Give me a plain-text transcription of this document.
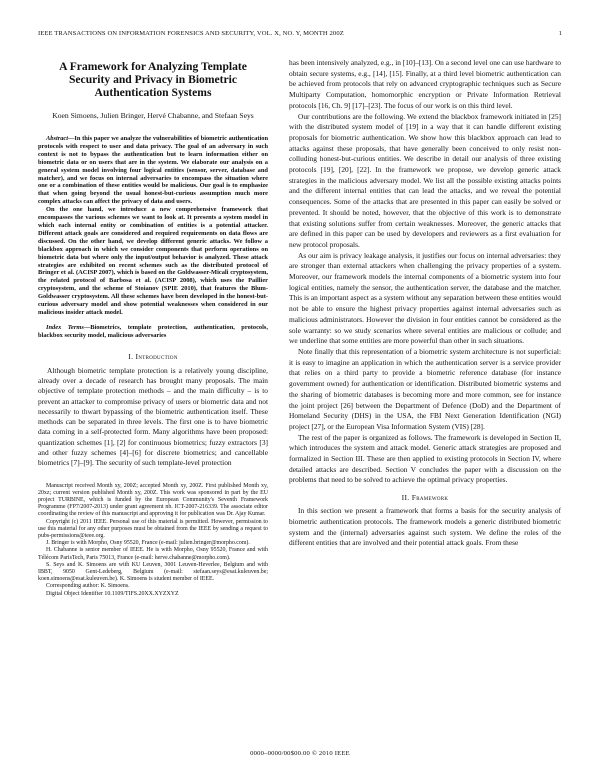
IEEE TRANSACTIONS ON INFORMATION FORENSICS AND SECURITY, VOL. X, NO. Y, MONTH 200Z	1
A Framework for Analyzing Template Security and Privacy in Biometric Authentication Systems
Koen Simoens, Julien Bringer, Hervé Chabanne, and Stefaan Seys

Abstract—In this paper we analyze the vulnerabilities of biometric authentication protocols with respect to user and data privacy. The goal of an adversary in such context is not to bypass the authentication but to learn information either on biometric data or on users that are in the system. We elaborate our analysis on a general system model involving four logical entities (sensor, server, database and matcher), and we focus on internal adversaries to encompass the situation where one or a combination of these entities would be malicious. Our goal is to emphasize that when going beyond the usual honest-but-curious assumption much more complex attacks can affect the privacy of data and users.

On the one hand, we introduce a new comprehensive framework that encompasses the various schemes we want to look at. It presents a system model in which each internal entity or combination of entities is a potential attacker. Different attack goals are considered and required requirements on data flows are discussed. On the other hand, we develop different generic attacks. We follow a blackbox approach in which we consider components that perform operations on biometric data but where only the input/output behavior is analyzed. These attack strategies are exhibited on recent schemes such as the distributed protocol of Bringer et al. (ACISP 2007), which is based on the Goldwasser-Micali cryptosystem, the related protocol of Barbosa et al. (ACISP 2008), which uses the Paillier cryptosystem, and the scheme of Stoianov (SPIE 2010), that features the Blum-Goldwasser cryptosystem. All these schemes have been developed in the honest-but-curious adversary model and show potential weaknesses when considered in our malicious insider attack model.

Index Terms—Biometrics, template protection, authentication, protocols, blackbox security model, malicious adversaries
I. Introduction

Although biometric template protection is a relatively young discipline, already over a decade of research has brought many proposals. The main objective of template protection methods – and the main difficulty – is to prevent an attacker to compromise privacy of users or biometric data and not necessarily to thwart bypassing of the biometric authentication itself. These methods can be separated in three levels. The first one is to have biometric data coming in a self-protected form. Many algorithms have been proposed: quantization schemes [1], [2] for continuous biometrics; fuzzy extractors [3] and other fuzzy schemes [4]–[6] for discrete biometrics; and cancellable biometrics [7]–[9]. The security of such template-level protection

Manuscript received Month xy, 200Z; accepted Month xy, 200Z. First published Month xy, 20xz; current version published Month xy, 200Z. This work was sponsored in part by the EU project TURBINE, which is funded by the European Community's Seventh Framework Programme (FP7/2007-2013) under grant agreement nb. ICT-2007-216339. The associate editor coordinating the review of this manuscript and approving it for publication was Dr. Ajay Kumar.

Copyright (c) 2011 IEEE. Personal use of this material is permitted. However, permission to use this material for any other purposes must be obtained from the IEEE by sending a request to pubs-permissions@ieee.org.

J. Bringer is with Morpho, Osny 95520, France (e-mail: julien.bringer@morpho.com).

H. Chabanne is senior member of IEEE. He is with Morpho, Osny 95520, France and with Télécom ParisTech, Paris 75013, France (e-mail: herve.chabanne@morpho.com).

S. Seys and K. Simoens are with KU Leuven, 3001 Leuven-Heverlee, Belgium and with IBBT, 9050 Gent-Ledeberg, Belgium (e-mail: stefaan.seys@esat.kuleuven.be; koen.simoens@esat.kuleuven.be). K. Simoens is student member of IEEE.

Corresponding author: K. Simoens.

Digital Object Identifier 10.1109/TIFS.20XX.XYZXYZ

has been intensively analyzed, e.g., in [10]–[13]. On a second level one can use hardware to obtain secure systems, e.g., [14], [15]. Finally, at a third level biometric authentication can be achieved from protocols that rely on advanced cryptographic techniques such as Secure Multiparty Computation, homomorphic encryption or Private Information Retrieval protocols [16, Ch. 9] [17]–[23]. The focus of our work is on this third level.

Our contributions are the following. We extend the blackbox framework initiated in [25] with the distributed system model of [19] in a way that it can handle different existing proposals for biometric authentication. We show how this blackbox approach can lead to attacks against these proposals, that have generally been conceived to only resist non-colluding honest-but-curious entities. We describe in detail our analysis of three existing protocols [19], [20], [22]. In the framework we propose, we develop generic attack strategies in the malicious adversary model. We list all the possible existing attacks points and the different internal entities that can lead the attacks, and we reveal the potential consequences. Some of the attacks that are presented in this paper can easily be solved or prevented. It should be noted, however, that the objective of this work is to demonstrate that existing solutions suffer from certain weaknesses. Moreover, the generic attacks that are defined in this paper can be used by developers and reviewers as a first evaluation for new protocol proposals.

As our aim is privacy leakage analysis, it justifies our focus on internal adversaries: they are stronger than external attackers when challenging the privacy properties of a system. Moreover, our framework models the internal components of a biometric system into four logical entities, namely the sensor, the authentication server, the database and the matcher. This is an important aspect as a system without any separation between these entities would not be able to ensure the highest privacy properties against internal adversaries such as malicious administrators. However the division in four entities cannot be considered as the sole warranty: so we study scenarios where several entities are malicious or collude; and we underline that some entities are more powerful than other in such situations.

Note finally that this representation of a biometric system architecture is not superficial: it is easy to imagine an application in which the authentication server is a service provider that relies on a third party to provide a biometric reference database (for instance government owned) for authentication or identification. Distributed biometric systems and the sharing of biometric databases is becoming more and more common, see for instance the joint project [26] between the Department of Defence (DoD) and the Department of Homeland Security (DHS) in the USA, the FBI Next Generation Identification (NGI) project [27], or the European Visa Information System (VIS) [28].

The rest of the paper is organized as follows. The framework is developed in Section II, which introduces the system and attack model. Generic attack strategies are proposed and formalized in Section III. These are then applied to existing protocols in Section IV, where detailed attacks are described. Section V concludes the paper with a discussion on the problems that need to be solved to achieve the optimal privacy properties.

II. Framework

In this section we present a framework that forms a basis for the security analysis of biometric authentication protocols. The framework models a generic distributed biometric system and the (internal) adversaries against such system. We define the roles of the different entities that are involved and their potential attack goals. From these

0000–0000/00$00.00 © 2010 IEEE
